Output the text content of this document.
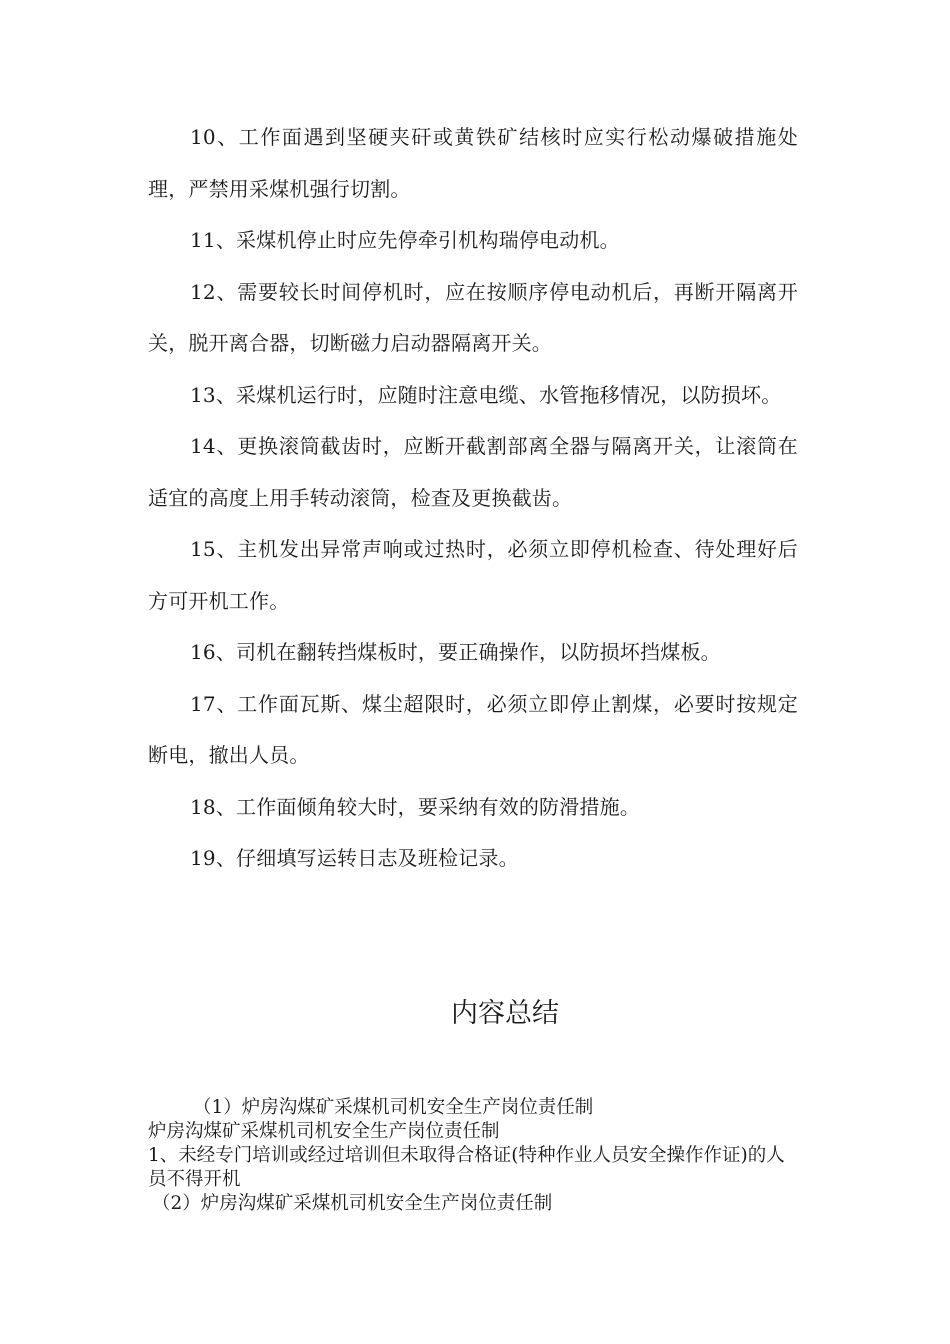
10、工作面遇到坚硬夹矸或黄铁矿结核时应实行松动爆破措施处理，严禁用采煤机强行切割。

11、采煤机停止时应先停牵引机构瑞停电动机。

12、需要较长时间停机时，应在按顺序停电动机后，再断开隔离开关，脱开离合器，切断磁力启动器隔离开关。

13、采煤机运行时，应随时注意电缆、水管拖移情况，以防损坏。

14、更换滚筒截齿时，应断开截割部离全器与隔离开关，让滚筒在适宜的高度上用手转动滚筒，检查及更换截齿。

15、主机发出异常声响或过热时，必须立即停机检查、待处理好后方可开机工作。

16、司机在翻转挡煤板时，要正确操作，以防损坏挡煤板。

17、工作面瓦斯、煤尘超限时，必须立即停止割煤，必要时按规定断电，撤出人员。

18、工作面倾角较大时，要采纳有效的防滑措施。

19、仔细填写运转日志及班检记录。

内容总结

（1）炉房沟煤矿采煤机司机安全生产岗位责任制

炉房沟煤矿采煤机司机安全生产岗位责任制

1、未经专门培训或经过培训但未取得合格证(特种作业人员安全操作作证)的人员不得开机

（2）炉房沟煤矿采煤机司机安全生产岗位责任制
